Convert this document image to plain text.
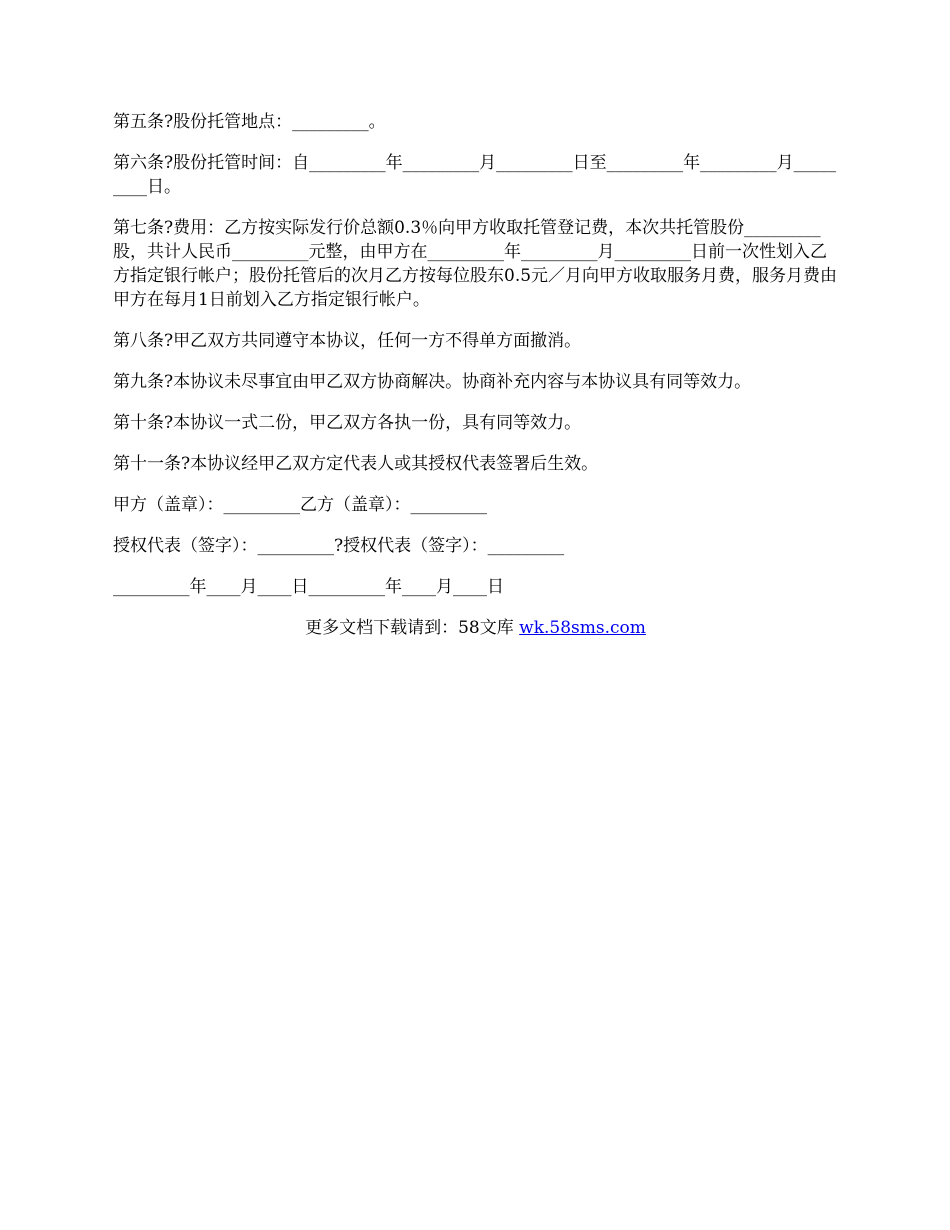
第五条?股份托管地点：_________。

第六条?股份托管时间：自_________年_________月_________日至_________年_________月_________日。

第七条?费用：乙方按实际发行价总额0.3％向甲方收取托管登记费，本次共托管股份_________股，共计人民币_________元整，由甲方在_________年_________月_________日前一次性划入乙方指定银行帐户；股份托管后的次月乙方按每位股东0.5元／月向甲方收取服务月费，服务月费由甲方在每月1日前划入乙方指定银行帐户。

第八条?甲乙双方共同遵守本协议，任何一方不得单方面撤消。

第九条?本协议未尽事宜由甲乙双方协商解决。协商补充内容与本协议具有同等效力。

第十条?本协议一式二份，甲乙双方各执一份，具有同等效力。

第十一条?本协议经甲乙双方定代表人或其授权代表签署后生效。

甲方（盖章）：_________乙方（盖章）：_________

授权代表（签字）：_________?授权代表（签字）：_________

_________年____月____日_________年____月____日

更多文档下载请到：58文库 wk.58sms.com
